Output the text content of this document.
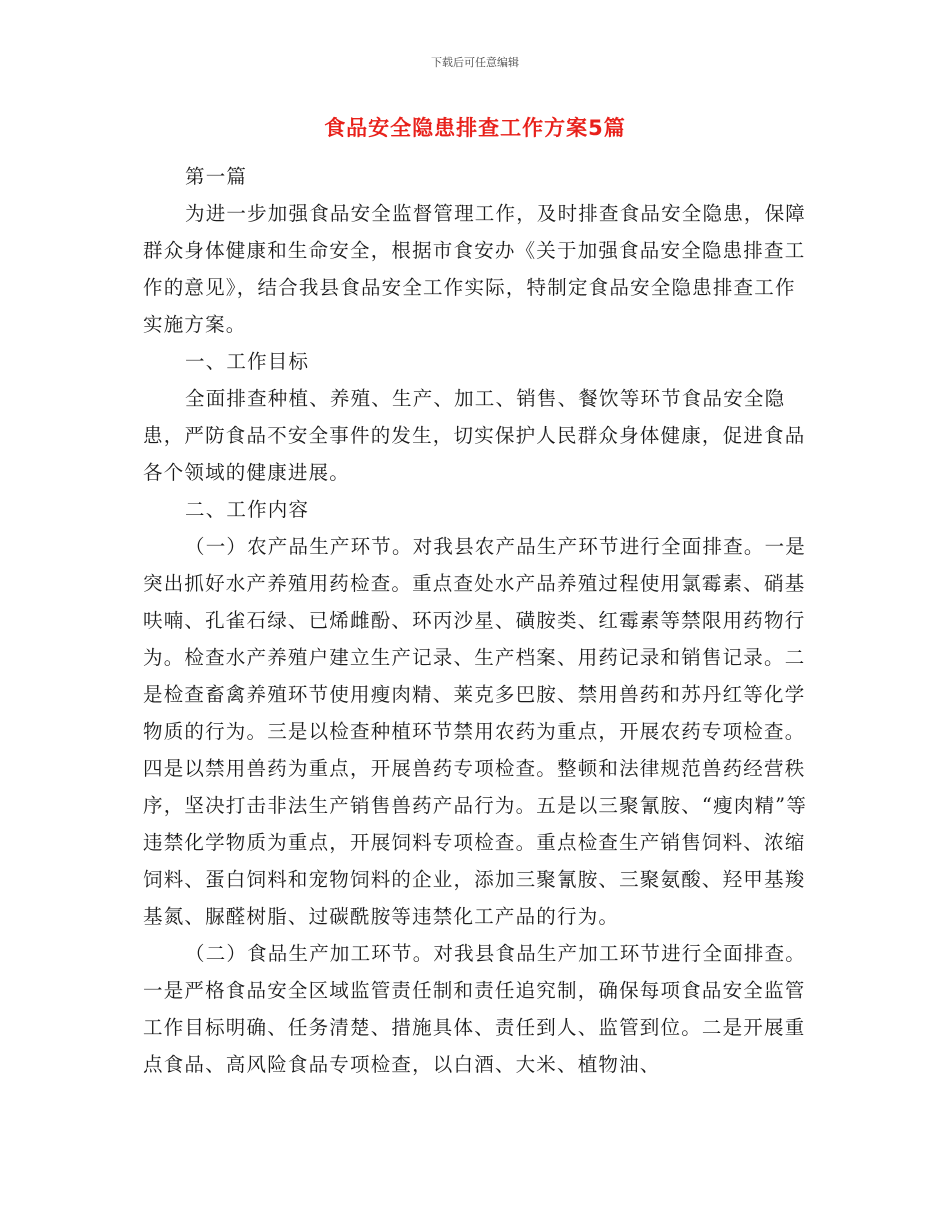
下载后可任意编辑
食品安全隐患排查工作方案5篇

第一篇

为进一步加强食品安全监督管理工作，及时排查食品安全隐患，保障群众身体健康和生命安全，根据市食安办《关于加强食品安全隐患排查工作的意见》，结合我县食品安全工作实际，特制定食品安全隐患排查工作实施方案。

一、工作目标

全面排查种植、养殖、生产、加工、销售、餐饮等环节食品安全隐患，严防食品不安全事件的发生，切实保护人民群众身体健康，促进食品各个领域的健康进展。

二、工作内容

（一）农产品生产环节。对我县农产品生产环节进行全面排查。一是突出抓好水产养殖用药检查。重点查处水产品养殖过程使用氯霉素、硝基呋喃、孔雀石绿、已烯雌酚、环丙沙星、磺胺类、红霉素等禁限用药物行为。检查水产养殖户建立生产记录、生产档案、用药记录和销售记录。二是检查畜禽养殖环节使用瘦肉精、莱克多巴胺、禁用兽药和苏丹红等化学物质的行为。三是以检查种植环节禁用农药为重点，开展农药专项检查。四是以禁用兽药为重点，开展兽药专项检查。整顿和法律规范兽药经营秩序，坚决打击非法生产销售兽药产品行为。五是以三聚氰胺、“瘦肉精”等违禁化学物质为重点，开展饲料专项检查。重点检查生产销售饲料、浓缩饲料、蛋白饲料和宠物饲料的企业，添加三聚氰胺、三聚氨酸、羟甲基羧基氮、脲醛树脂、过碳酰胺等违禁化工产品的行为。

（二）食品生产加工环节。对我县食品生产加工环节进行全面排查。一是严格食品安全区域监管责任制和责任追究制，确保每项食品安全监管工作目标明确、任务清楚、措施具体、责任到人、监管到位。二是开展重点食品、高风险食品专项检查，以白酒、大米、植物油、
